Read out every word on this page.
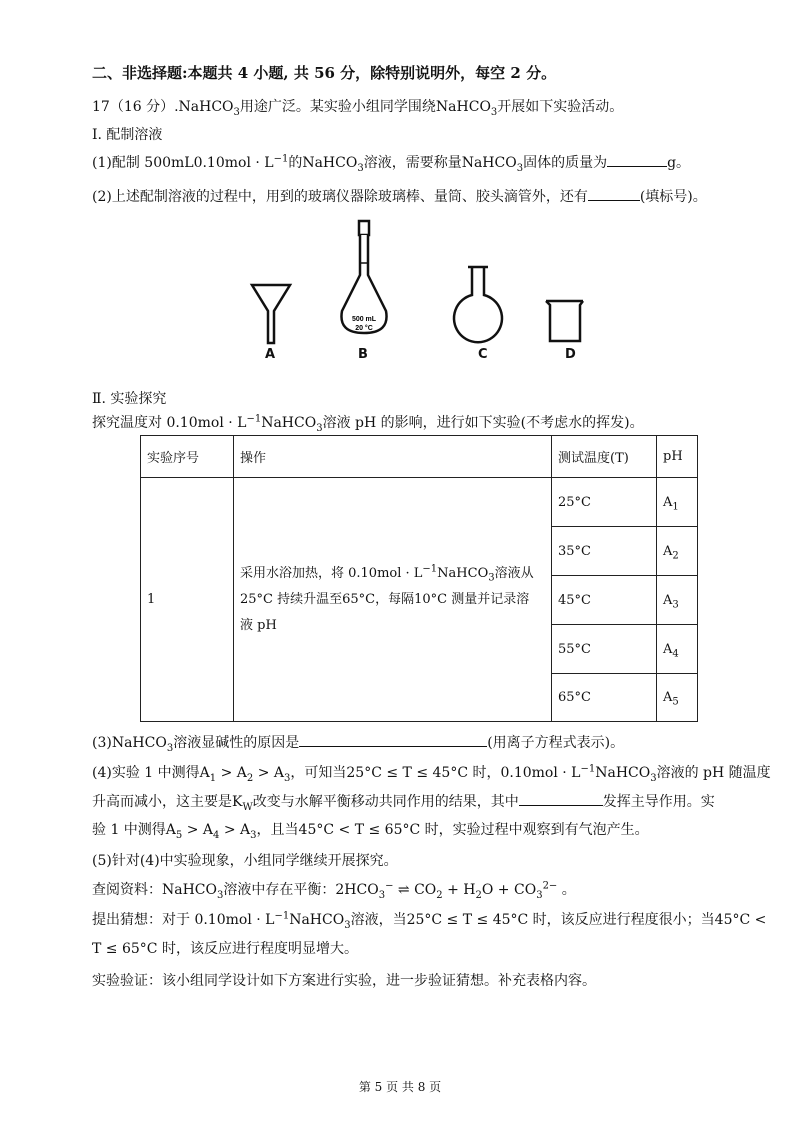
二、非选择题:本题共 4 小题, 共 56 分，除特别说明外，每空 2 分。
17（16 分）.NaHCO$_3$用途广泛。某实验小组同学围绕NaHCO$_3$开展如下实验活动。
Ⅰ. 配制溶液
(1)配制 $500mL0.10mol \cdot L^{-1}$的NaHCO$_3$溶液，需要称量NaHCO$_3$固体的质量为	g。
(2)上述配制溶液的过程中，用到的玻璃仪器除玻璃棒、量筒、胶头滴管外，还有	(填标号)。
500 mL
20 °C
A	B	C	D
Ⅱ. 实验探究
探究温度对 $0.10mol \cdot L^{-1}NaHCO_3$溶液 pH 的影响，进行如下实验(不考虑水的挥发)。
实验序号	操作	测试温度(T)	pH
1	采用水浴加热，将 $0.10mol \cdot L^{-1}NaHCO_3$溶液从
25°C 持续升温至65°C，每隔10°C 测量并记录溶
液 pH	25°C	$A_1$
		35°C	$A_2$
		45°C	$A_3$
		55°C	$A_4$
		65°C	$A_5$
(3)NaHCO$_3$溶液显碱性的原因是	(用离子方程式表示)。
(4)实验 1 中测得$A_1 > A_2 > A_3$，可知当25°C ≤ T ≤ 45°C 时，$0.10mol \cdot L^{-1}NaHCO_3$溶液的 pH 随温度
升高而减小，这主要是$K_W$改变与水解平衡移动共同作用的结果，其中	发挥主导作用。实
验 1 中测得$A_5 > A_4 > A_3$，且当45°C < T ≤ 65°C 时，实验过程中观察到有气泡产生。
(5)针对(4)中实验现象，小组同学继续开展探究。
查阅资料：NaHCO$_3$溶液中存在平衡：$2HCO_3^-$ ⇌ $CO_2 + H_2O + CO_3^{2-}$ 。
提出猜想：对于 $0.10mol \cdot L^{-1}NaHCO_3$溶液，当25°C ≤ T ≤ 45°C 时，该反应进行程度很小；当45°C <
T ≤ 65°C 时，该反应进行程度明显增大。
实验验证：该小组同学设计如下方案进行实验，进一步验证猜想。补充表格内容。
第 5 页 共 8 页
